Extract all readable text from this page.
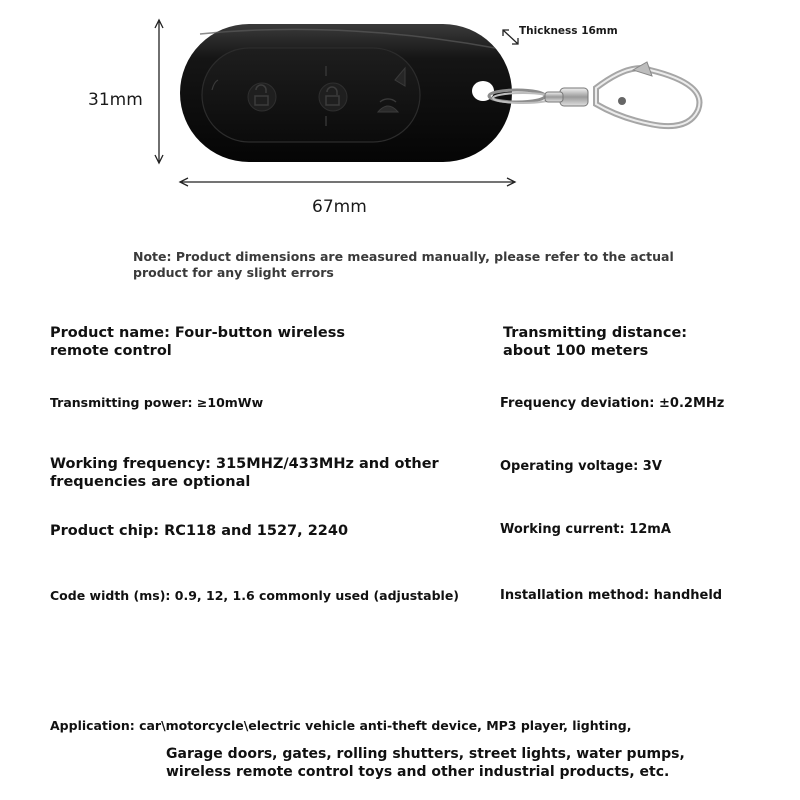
Thickness 16mm
31mm
67mm
Note: Product dimensions are measured manually, please refer to the actual product for any slight errors
Product name: Four-button wireless remote control
Transmitting power: ≥10mWw
Working frequency: 315MHZ/433MHz and other frequencies are optional
Product chip: RC118 and 1527, 2240
Code width (ms): 0.9, 12, 1.6 commonly used (adjustable)
Transmitting distance: about 100 meters
Frequency deviation: ±0.2MHz
Operating voltage: 3V
Working current: 12mA
Installation method: handheld
Application: car\motorcycle\electric vehicle anti-theft device, MP3 player, lighting,
Garage doors, gates, rolling shutters, street lights, water pumps, wireless remote control toys and other industrial products, etc.
